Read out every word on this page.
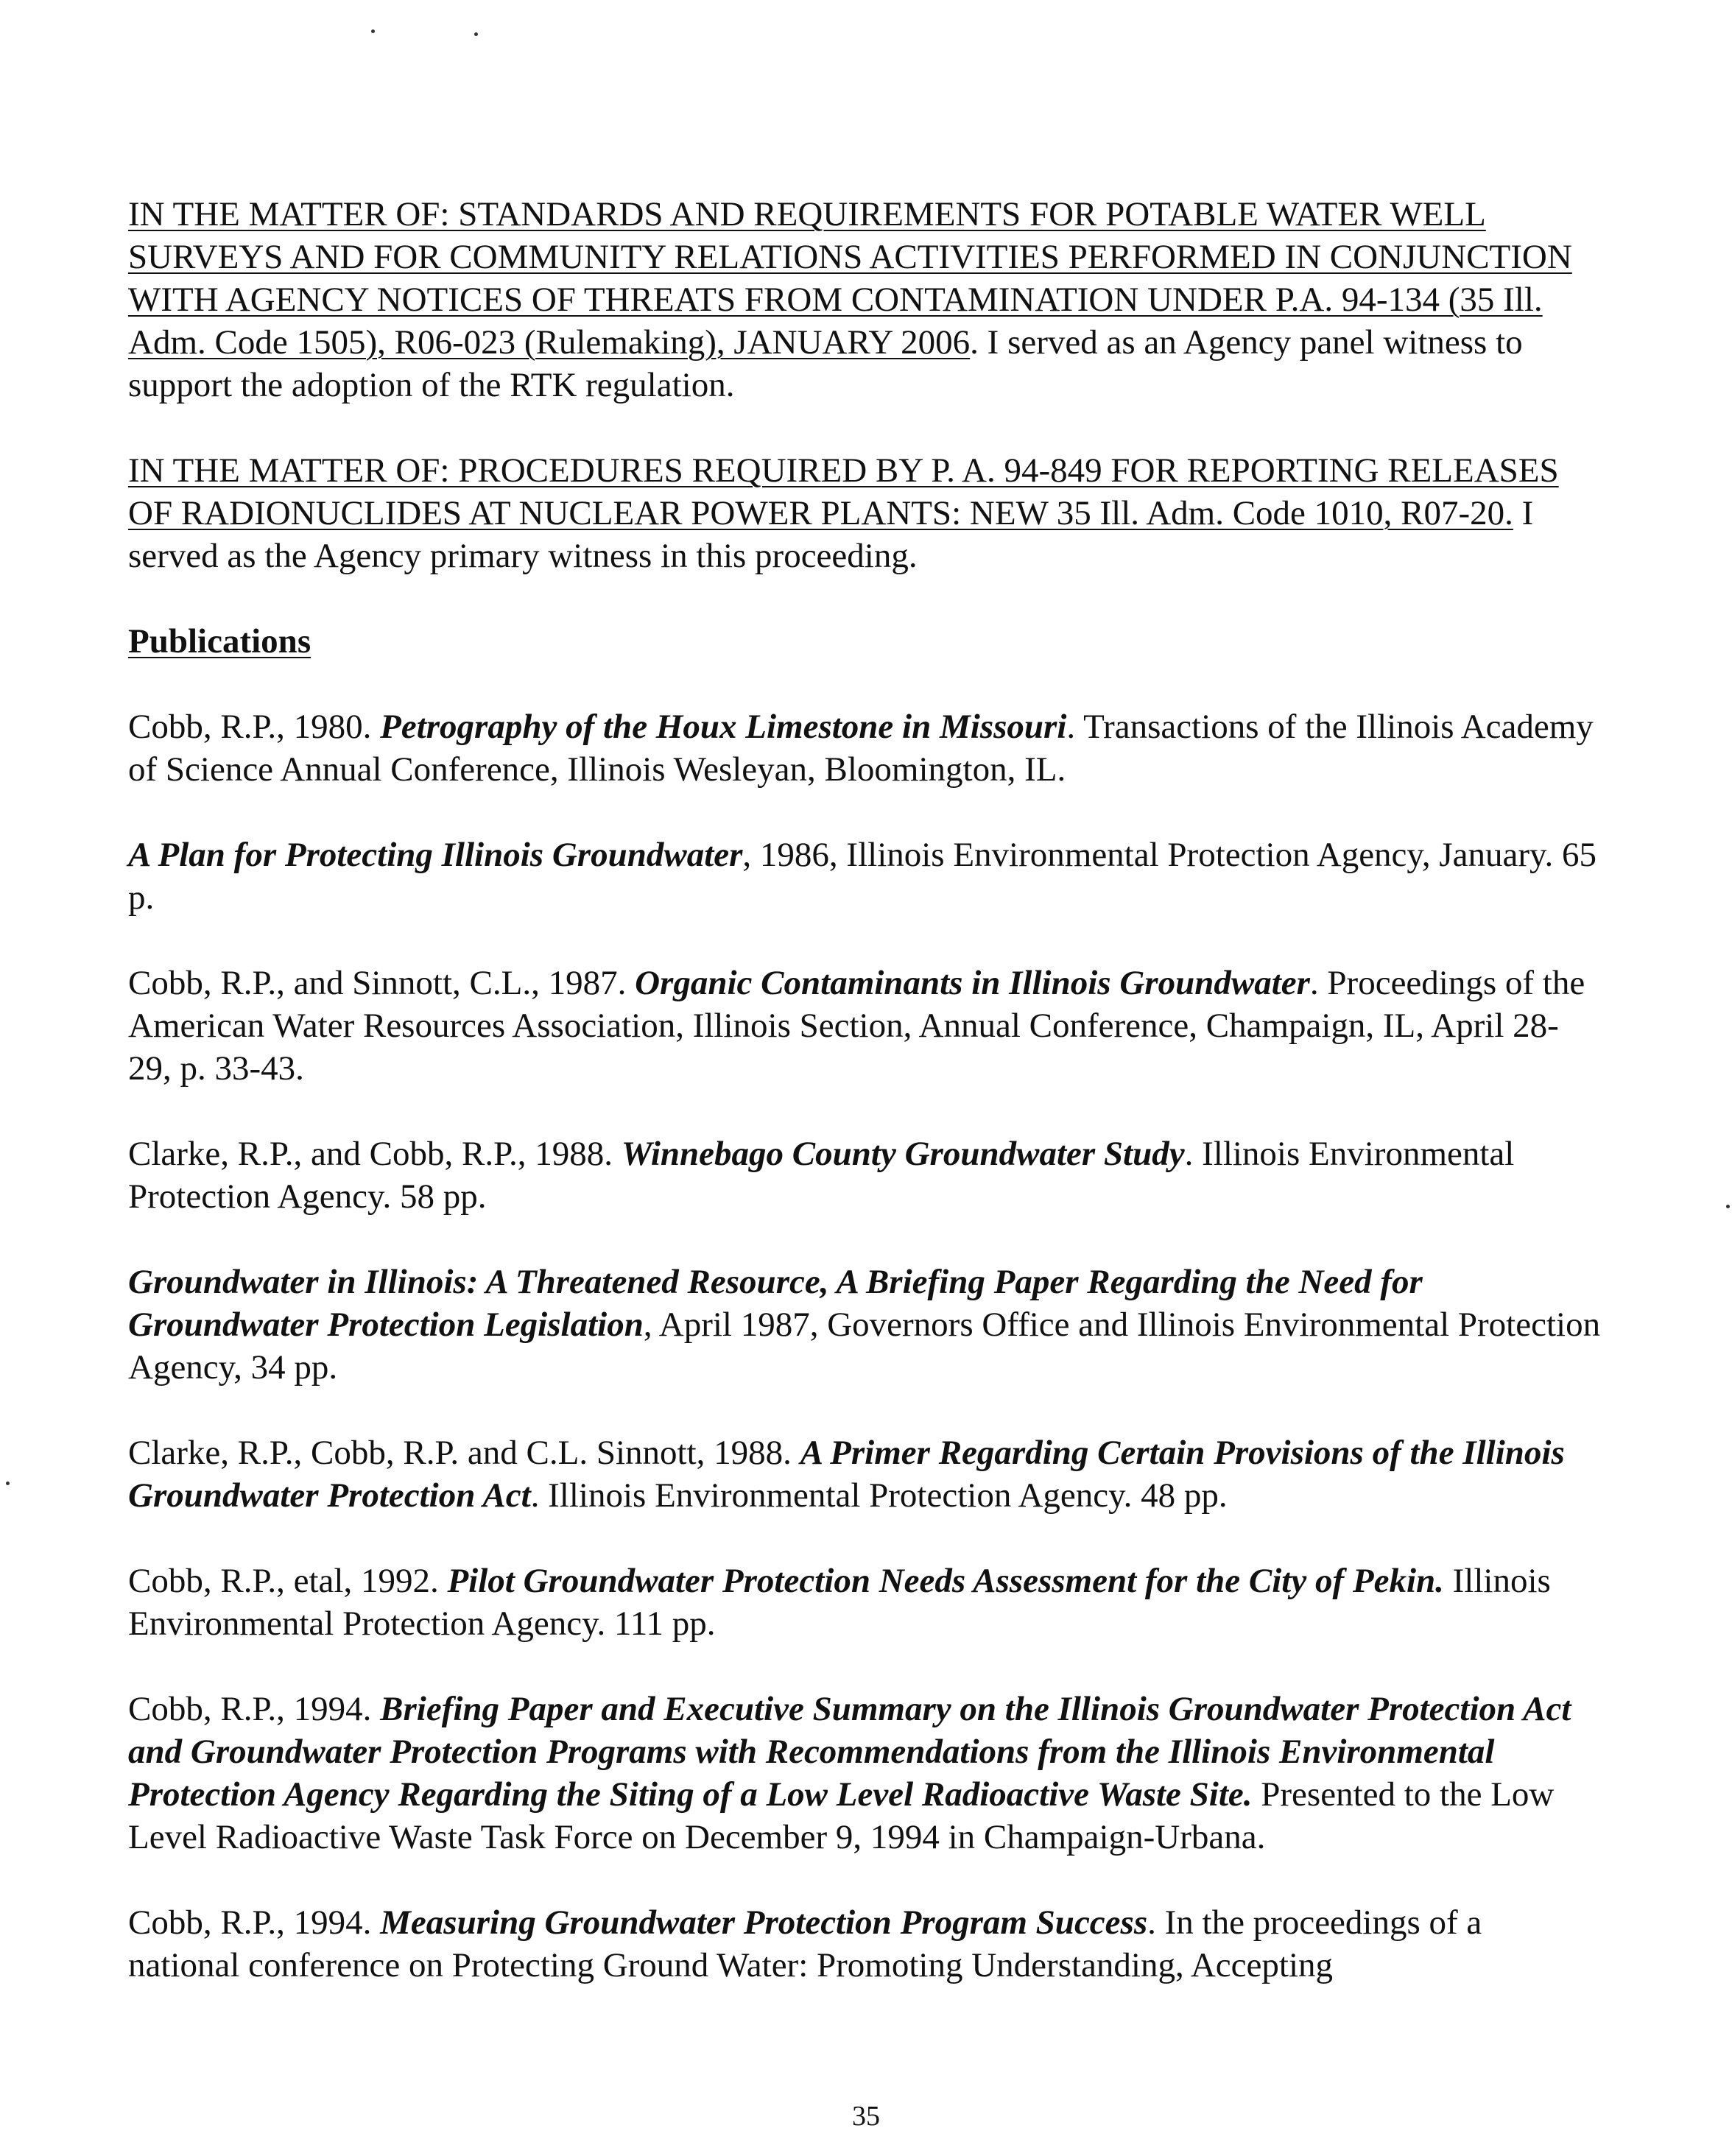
IN THE MATTER OF: STANDARDS AND REQUIREMENTS FOR POTABLE WATER WELL SURVEYS AND FOR COMMUNITY RELATIONS ACTIVITIES PERFORMED IN CONJUNCTION WITH AGENCY NOTICES OF THREATS FROM CONTAMINATION UNDER P.A. 94-134 (35 Ill. Adm. Code 1505), R06-023 (Rulemaking), JANUARY 2006. I served as an Agency panel witness to support the adoption of the RTK regulation.

IN THE MATTER OF: PROCEDURES REQUIRED BY P. A. 94-849 FOR REPORTING RELEASES OF RADIONUCLIDES AT NUCLEAR POWER PLANTS: NEW 35 Ill. Adm. Code 1010, R07-20. I served as the Agency primary witness in this proceeding.

Publications

Cobb, R.P., 1980. Petrography of the Houx Limestone in Missouri. Transactions of the Illinois Academy of Science Annual Conference, Illinois Wesleyan, Bloomington, IL.

A Plan for Protecting Illinois Groundwater, 1986, Illinois Environmental Protection Agency, January. 65 p.

Cobb, R.P., and Sinnott, C.L., 1987. Organic Contaminants in Illinois Groundwater. Proceedings of the American Water Resources Association, Illinois Section, Annual Conference, Champaign, IL, April 28-29, p. 33-43.

Clarke, R.P., and Cobb, R.P., 1988. Winnebago County Groundwater Study. Illinois Environmental Protection Agency. 58 pp.

Groundwater in Illinois: A Threatened Resource, A Briefing Paper Regarding the Need for Groundwater Protection Legislation, April 1987, Governors Office and Illinois Environmental Protection Agency, 34 pp.

Clarke, R.P., Cobb, R.P. and C.L. Sinnott, 1988. A Primer Regarding Certain Provisions of the Illinois Groundwater Protection Act. Illinois Environmental Protection Agency. 48 pp.

Cobb, R.P., etal, 1992. Pilot Groundwater Protection Needs Assessment for the City of Pekin. Illinois Environmental Protection Agency. 111 pp.

Cobb, R.P., 1994. Briefing Paper and Executive Summary on the Illinois Groundwater Protection Act and Groundwater Protection Programs with Recommendations from the Illinois Environmental Protection Agency Regarding the Siting of a Low Level Radioactive Waste Site. Presented to the Low Level Radioactive Waste Task Force on December 9, 1994 in Champaign-Urbana.

Cobb, R.P., 1994. Measuring Groundwater Protection Program Success. In the proceedings of a national conference on Protecting Ground Water: Promoting Understanding, Accepting

35
